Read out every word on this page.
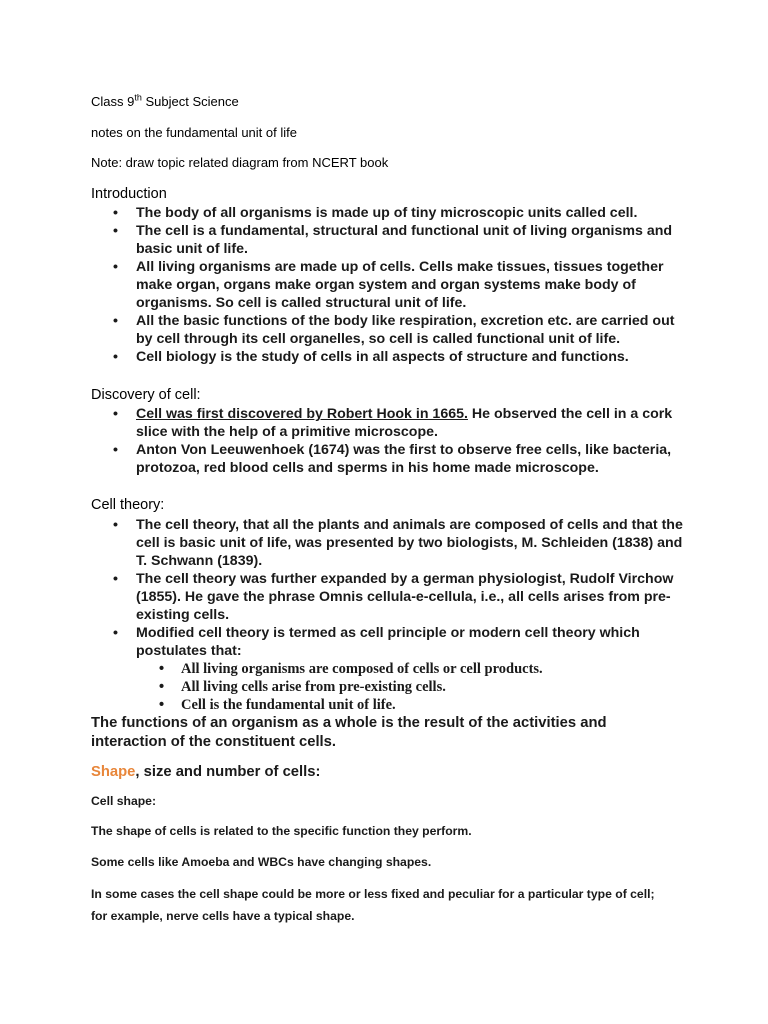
Class 9th Subject Science
notes on the fundamental unit of life
Note: draw topic related diagram from NCERT book
Introduction
• The body of all organisms is made up of tiny microscopic units called cell.
• The cell is a fundamental, structural and functional unit of living organisms and basic unit of life.
• All living organisms are made up of cells. Cells make tissues, tissues together make organ, organs make organ system and organ systems make body of organisms. So cell is called structural unit of life.
• All the basic functions of the body like respiration, excretion etc. are carried out by cell through its cell organelles, so cell is called functional unit of life.
• Cell biology is the study of cells in all aspects of structure and functions.
Discovery of cell:
• Cell was first discovered by Robert Hook in 1665. He observed the cell in a cork slice with the help of a primitive microscope.
• Anton Von Leeuwenhoek (1674) was the first to observe free cells, like bacteria, protozoa, red blood cells and sperms in his home made microscope.
Cell theory:
• The cell theory, that all the plants and animals are composed of cells and that the cell is basic unit of life, was presented by two biologists, M. Schleiden (1838) and T. Schwann (1839).
• The cell theory was further expanded by a german physiologist, Rudolf Virchow (1855). He gave the phrase Omnis cellula-e-cellula, i.e., all cells arises from pre-existing cells.
• Modified cell theory is termed as cell principle or modern cell theory which postulates that:
• All living organisms are composed of cells or cell products.
• All living cells arise from pre-existing cells.
• Cell is the fundamental unit of life.
The functions of an organism as a whole is the result of the activities and interaction of the constituent cells.
Shape, size and number of cells:
Cell shape:
The shape of cells is related to the specific function they perform.
Some cells like Amoeba and WBCs have changing shapes.
In some cases the cell shape could be more or less fixed and peculiar for a particular type of cell; for example, nerve cells have a typical shape.
